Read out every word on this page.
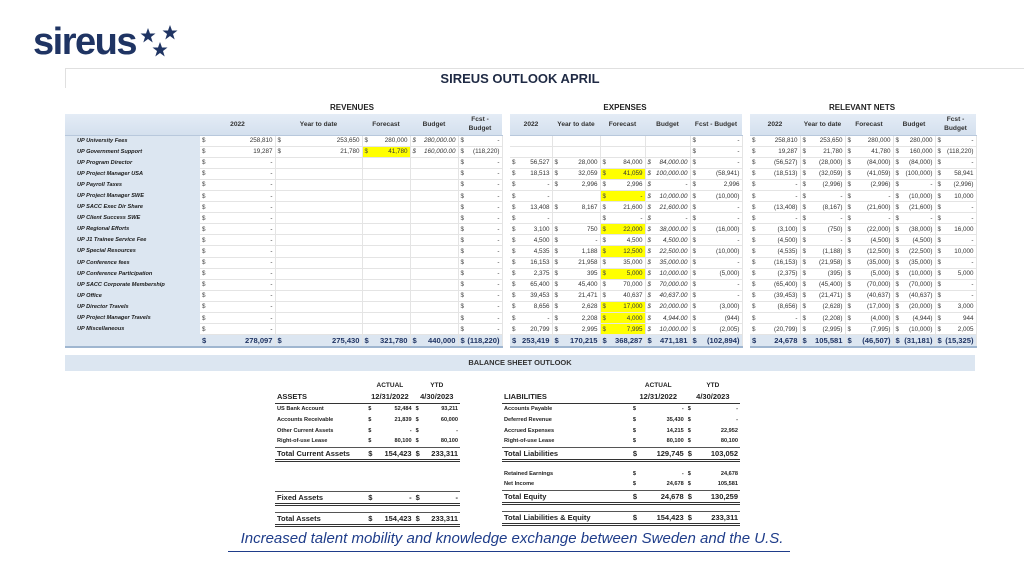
sireus
SIREUS OUTLOOK APRIL
REVENUES	EXPENSES	RELEVANT NETS
	2022	Year to date	Forecast	Budget	Fcst - Budget		2022	Year to date	Forecast	Budget	Fcst - Budget		2022	Year to date	Forecast	Budget	Fcst - Budget	
UP University Fees	$ 258,810	$ 253,650	$ 280,000	$ 280,000.00	$ -						$ -		$ 258,810	$ 253,650	$ 280,000	$ 280,000	$ -	

UP Government Support	$ 19,287	$ 21,780	$ 41,780	$ 160,000.00	$ (118,220)						$ -		$ 19,287	$ 21,780	$ 41,780	$ 160,000	$ (118,220)	

UP Program Director	$ -				$ -		$ 56,527	$ 28,000	$ 84,000	$ 84,000.00	$ -		$ (56,527)	$ (28,000)	$ (84,000)	$ (84,000)	$ -	

UP Project Manager USA	$ -				$ -		$ 18,513	$ 32,059	$ 41,059	$ 100,000.00	$ (58,941)		$ (18,513)	$ (32,059)	$ (41,059)	$ (100,000)	$ 58,941	

UP Payroll Taxes	$ -				$ -		$ -	$ 2,996	$ 2,996	$ -	$ 2,996		$ -	$ (2,996)	$ (2,996)	$ -	$ (2,996)	

UP Project Manager SWE	$ -				$ -		$ -		$ -	$ 10,000.00	$ (10,000)		$ -	$ -	$ -	$ (10,000)	$ 10,000	

UP SACC Exec Dir Share	$ -				$ -		$ 13,408	$ 8,167	$ 21,600	$ 21,600.00	$ -		$ (13,408)	$ (8,167)	$ (21,600)	$ (21,600)	$ -	

UP Client Success SWE	$ -				$ -		$ -		$ -	$ -	$ -		$ -	$ -	$ -	$ -	$ -	

UP Regional Efforts	$ -				$ -		$ 3,100	$ 750	$ 22,000	$ 38,000.00	$ (16,000)		$ (3,100)	$ (750)	$ (22,000)	$ (38,000)	$ 16,000	

UP J1 Trainee Service Fee	$ -				$ -		$ 4,500	$ -	$ 4,500	$ 4,500.00	$ -		$ (4,500)	$ -	$ (4,500)	$ (4,500)	$ -	

UP Special Resources	$ -				$ -		$ 4,535	$ 1,188	$ 12,500	$ 22,500.00	$ (10,000)		$ (4,535)	$ (1,188)	$ (12,500)	$ (22,500)	$ 10,000	

UP Conference fees	$ -				$ -		$ 16,153	$ 21,958	$ 35,000	$ 35,000.00	$ -		$ (16,153)	$ (21,958)	$ (35,000)	$ (35,000)	$ -	

UP Conference Participation	$ -				$ -		$ 2,375	$ 395	$ 5,000	$ 10,000.00	$ (5,000)		$ (2,375)	$ (395)	$ (5,000)	$ (10,000)	$ 5,000	

UP SACC Corporate Membership	$ -				$ -		$ 65,400	$ 45,400	$ 70,000	$ 70,000.00	$ -		$ (65,400)	$ (45,400)	$ (70,000)	$ (70,000)	$ -	

UP Office	$ -				$ -		$ 39,453	$ 21,471	$ 40,637	$ 40,637.00	$ -		$ (39,453)	$ (21,471)	$ (40,637)	$ (40,637)	$ -	

UP Director Travels	$ -				$ -		$ 8,656	$ 2,628	$ 17,000	$ 20,000.00	$ (3,000)		$ (8,656)	$ (2,628)	$ (17,000)	$ (20,000)	$ 3,000	

UP Project Manager Travels	$ -				$ -		$ -	$ 2,208	$ 4,000	$ 4,944.00	$ (944)		$ -	$ (2,208)	$ (4,000)	$ (4,944)	$ 944	

UP Miscellaneous	$ -				$ -		$ 20,799	$ 2,995	$ 7,995	$ 10,000.00	$ (2,005)		$ (20,799)	$ (2,995)	$ (7,995)	$ (10,000)	$ 2,005	

	$ 278,097	$ 275,430	$ 321,780	$ 440,000	$ (118,220)		$ 253,419	$ 170,215	$ 368,287	$ 471,181	$ (102,894)		$ 24,678	$ 105,581	$ (46,507)	$ (31,181)	$ (15,325)	

BALANCE SHEET OUTLOOK
	ACTUAL		YTD	
ASSETS	12/31/2022		4/30/2023	
US Bank Account	$	52,484	$	93,211
Accounts Receivable	$	21,839	$	60,000
Other Current Assets	$	-	$	-
Right-of-use Lease	$	80,100	$	80,100
Total Current Assets	$	154,423	$	233,311

Fixed Assets	$	-	$	-

Total Assets	$	154,423	$	233,311
	ACTUAL		YTD	
LIABILITIES	12/31/2022		4/30/2023	
Accounts Payable	$	-	$	-
Deferred Revenue	$	35,430	$	-
Accrued Expenses	$	14,215	$	22,952
Right-of-use Lease	$	80,100	$	80,100
Total Liabilities	$	129,745	$	103,052

Retained Earnings	$	-	$	24,678
Net Income	$	24,678	$	105,581
Total Equity	$	24,678	$	130,259

Total Liabilities & Equity	$	154,423	$	233,311
Increased talent mobility and knowledge exchange between Sweden and the U.S.
